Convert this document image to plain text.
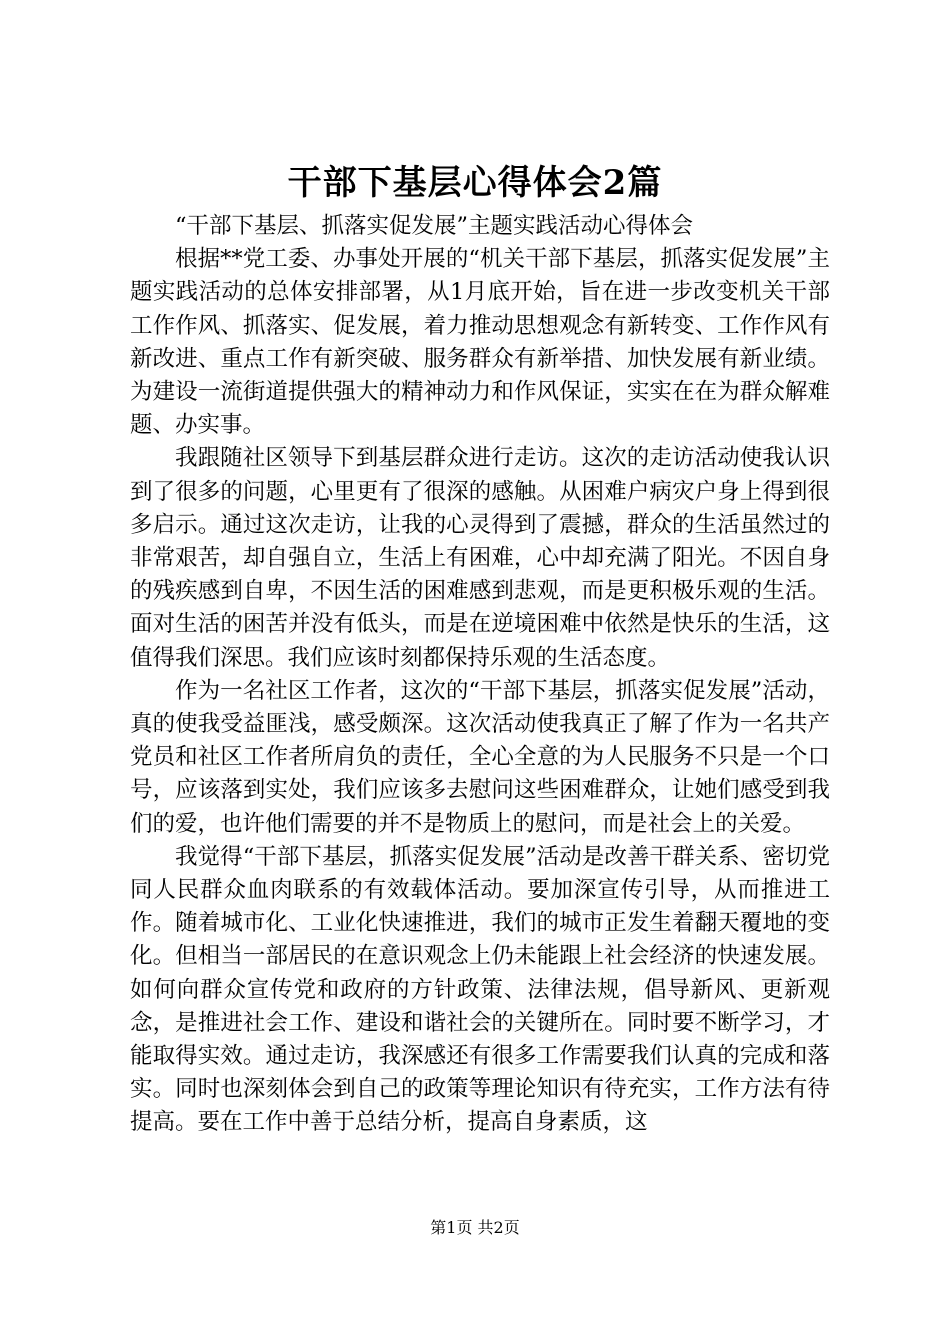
干部下基层心得体会2篇

“干部下基层、抓落实促发展”主题实践活动心得体会

根据**党工委、办事处开展的“机关干部下基层，抓落实促发展”主题实践活动的总体安排部署，从1月底开始，旨在进一步改变机关干部工作作风、抓落实、促发展，着力推动思想观念有新转变、工作作风有新改进、重点工作有新突破、服务群众有新举措、加快发展有新业绩。为建设一流街道提供强大的精神动力和作风保证，实实在在为群众解难题、办实事。

我跟随社区领导下到基层群众进行走访。这次的走访活动使我认识到了很多的问题，心里更有了很深的感触。从困难户病灾户身上得到很多启示。通过这次走访，让我的心灵得到了震撼，群众的生活虽然过的非常艰苦，却自强自立，生活上有困难，心中却充满了阳光。不因自身的残疾感到自卑，不因生活的困难感到悲观，而是更积极乐观的生活。面对生活的困苦并没有低头，而是在逆境困难中依然是快乐的生活，这值得我们深思。我们应该时刻都保持乐观的生活态度。

作为一名社区工作者，这次的“干部下基层，抓落实促发展”活动，真的使我受益匪浅，感受颇深。这次活动使我真正了解了作为一名共产党员和社区工作者所肩负的责任，全心全意的为人民服务不只是一个口号，应该落到实处，我们应该多去慰问这些困难群众，让她们感受到我们的爱，也许他们需要的并不是物质上的慰问，而是社会上的关爱。

我觉得“干部下基层，抓落实促发展”活动是改善干群关系、密切党同人民群众血肉联系的有效载体活动。要加深宣传引导，从而推进工作。随着城市化、工业化快速推进，我们的城市正发生着翻天覆地的变化。但相当一部居民的在意识观念上仍未能跟上社会经济的快速发展。如何向群众宣传党和政府的方针政策、法律法规，倡导新风、更新观念，是推进社会工作、建设和谐社会的关键所在。同时要不断学习，才能取得实效。通过走访，我深感还有很多工作需要我们认真的完成和落实。同时也深刻体会到自己的政策等理论知识有待充实，工作方法有待提高。要在工作中善于总结分析，提高自身素质，这

第1页 共2页
